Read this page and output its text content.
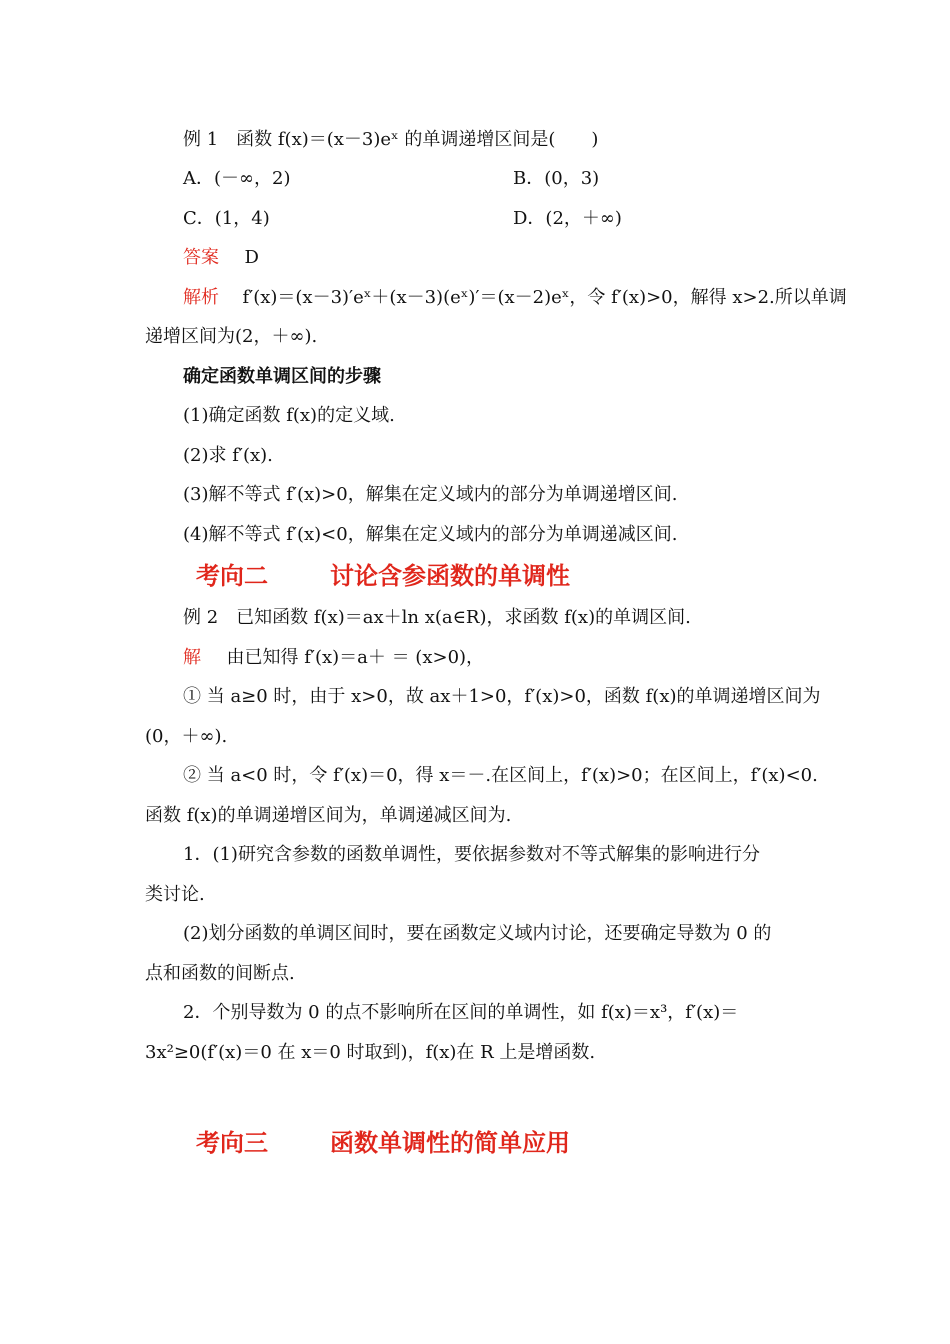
例 1　函数 f(x)＝(x－3)eˣ 的单调递增区间是(　　)
A．(－∞，2)	B．(0，3)
C．(1，4)	D．(2，＋∞)
答案 D
解析 f′(x)＝(x－3)′eˣ＋(x－3)(eˣ)′＝(x－2)eˣ，令 f′(x)>0，解得 x>2.所以单调
递增区间为(2，＋∞).
确定函数单调区间的步骤
(1)确定函数 f(x)的定义域.
(2)求 f′(x).
(3)解不等式 f′(x)>0，解集在定义域内的部分为单调递增区间.
(4)解不等式 f′(x)<0，解集在定义域内的部分为单调递减区间.
考向二	讨论含参函数的单调性
例 2　已知函数 f(x)＝ax＋ln x(a∈R)，求函数 f(x)的单调区间.
解 由已知得 f′(x)＝a＋ ＝ (x>0)，
① 当 a≥0 时，由于 x>0，故 ax＋1>0，f′(x)>0，函数 f(x)的单调递增区间为
(0，＋∞).
② 当 a<0 时，令 f′(x)＝0，得 x＝－.在区间上，f′(x)>0；在区间上，f′(x)<0.
函数 f(x)的单调递增区间为，单调递减区间为.
1．(1)研究含参数的函数单调性，要依据参数对不等式解集的影响进行分
类讨论.
(2)划分函数的单调区间时，要在函数定义域内讨论，还要确定导数为 0 的
点和函数的间断点.
2．个别导数为 0 的点不影响所在区间的单调性，如 f(x)＝x³，f′(x)＝
3x²≥0(f′(x)＝0 在 x＝0 时取到)，f(x)在 R 上是增函数.
考向三	函数单调性的简单应用
